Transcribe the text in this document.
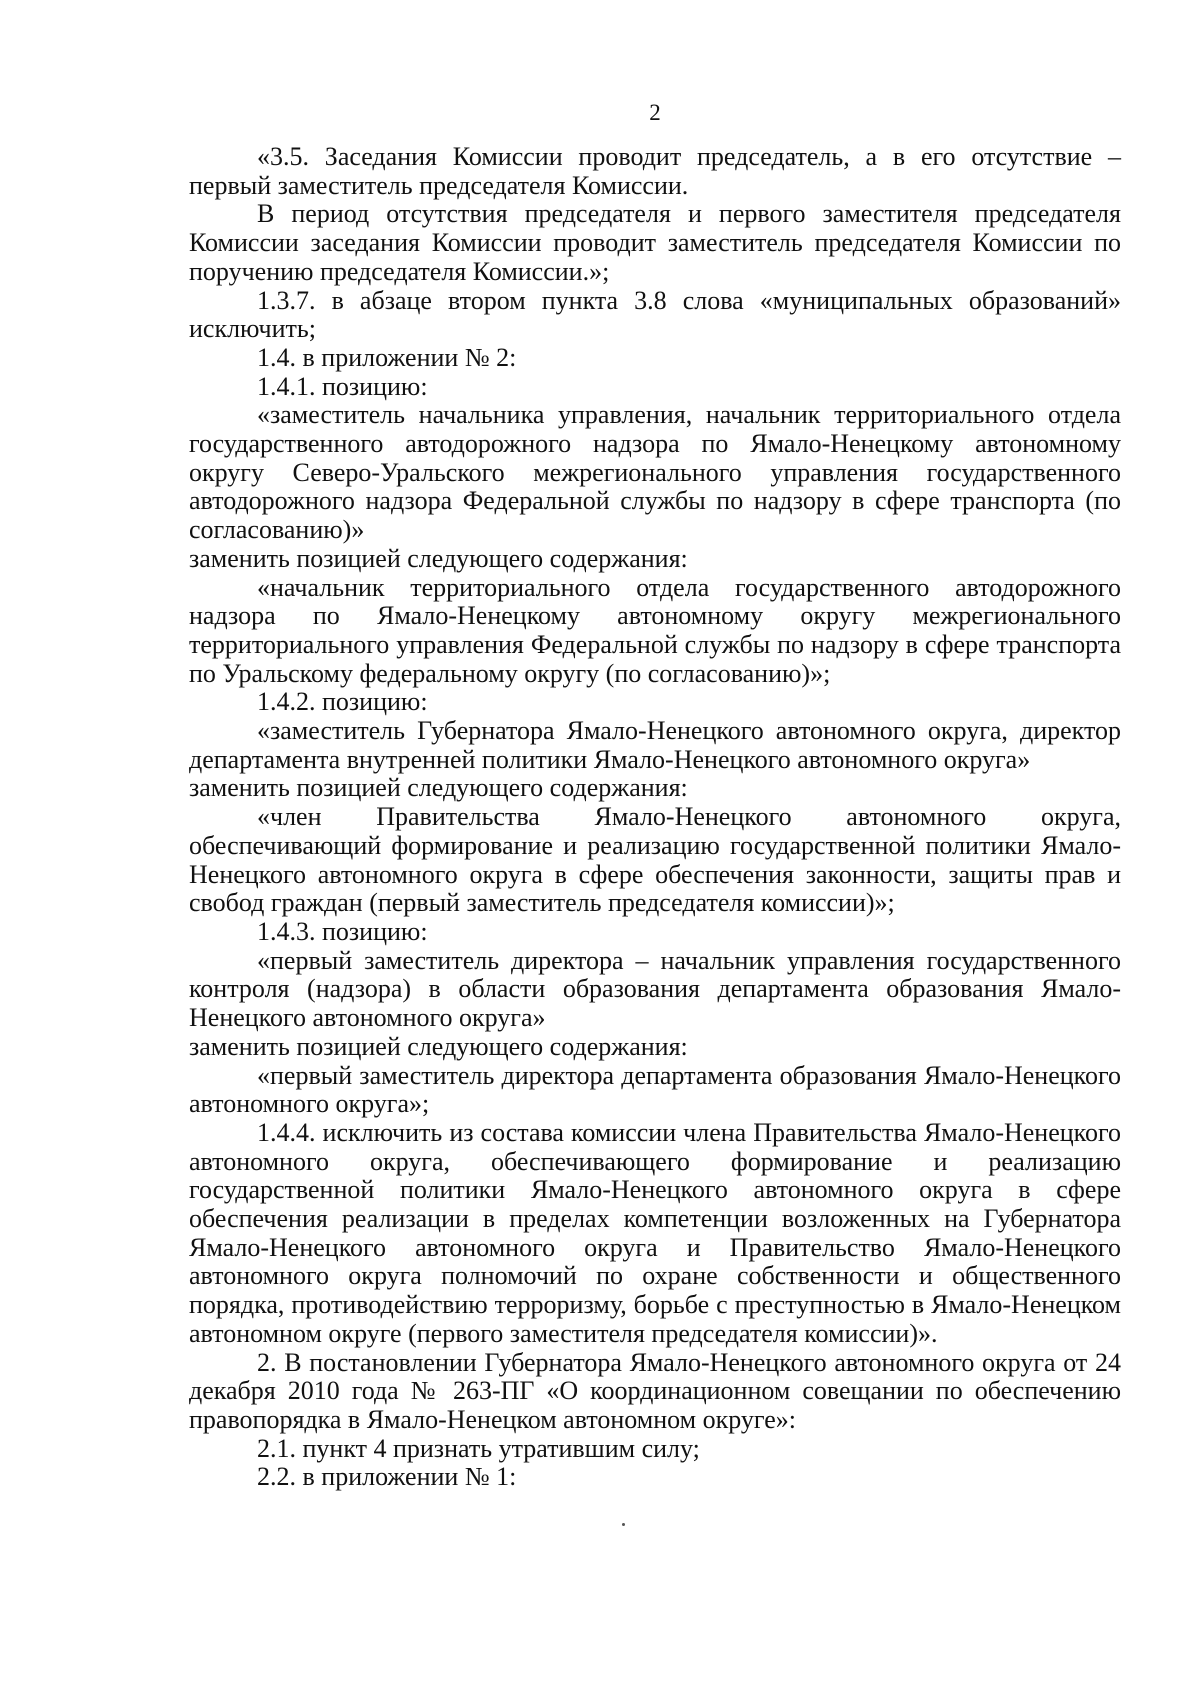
2

«3.5. Заседания Комиссии проводит председатель, а в его отсутствие – первый заместитель председателя Комиссии.

В период отсутствия председателя и первого заместителя председателя Комиссии заседания Комиссии проводит заместитель председателя Комиссии по поручению председателя Комиссии.»;

1.3.7. в абзаце втором пункта 3.8 слова «муниципальных образований» исключить;

1.4. в приложении № 2:

1.4.1. позицию:

«заместитель начальника управления, начальник территориального отдела государственного автодорожного надзора по Ямало-Ненецкому автономному округу Северо-Уральского межрегионального управления государственного автодорожного надзора Федеральной службы по надзору в сфере транспорта (по согласованию)»

заменить позицией следующего содержания:

«начальник территориального отдела государственного автодорожного надзора по Ямало-Ненецкому автономному округу межрегионального территориального управления Федеральной службы по надзору в сфере транспорта по Уральскому федеральному округу (по согласованию)»;

1.4.2. позицию:

«заместитель Губернатора Ямало-Ненецкого автономного округа, директор департамента внутренней политики Ямало-Ненецкого автономного округа»

заменить позицией следующего содержания:

«член Правительства Ямало-Ненецкого автономного округа, обеспечивающий формирование и реализацию государственной политики Ямало-Ненецкого автономного округа в сфере обеспечения законности, защиты прав и свобод граждан (первый заместитель председателя комиссии)»;

1.4.3. позицию:

«первый заместитель директора – начальник управления государственного контроля (надзора) в области образования департамента образования Ямало-Ненецкого автономного округа»

заменить позицией следующего содержания:

«первый заместитель директора департамента образования Ямало-Ненецкого автономного округа»;

1.4.4. исключить из состава комиссии члена Правительства Ямало-Ненецкого автономного округа, обеспечивающего формирование и реализацию государственной политики Ямало-Ненецкого автономного округа в сфере обеспечения реализации в пределах компетенции возложенных на Губернатора Ямало-Ненецкого автономного округа и Правительство Ямало-Ненецкого автономного округа полномочий по охране собственности и общественного порядка, противодействию терроризму, борьбе с преступностью в Ямало-Ненецком автономном округе (первого заместителя председателя комиссии)».

2. В постановлении Губернатора Ямало-Ненецкого автономного округа от 24 декабря 2010 года № 263-ПГ «О координационном совещании по обеспечению правопорядка в Ямало-Ненецком автономном округе»:

2.1. пункт 4 признать утратившим силу;

2.2. в приложении № 1:
